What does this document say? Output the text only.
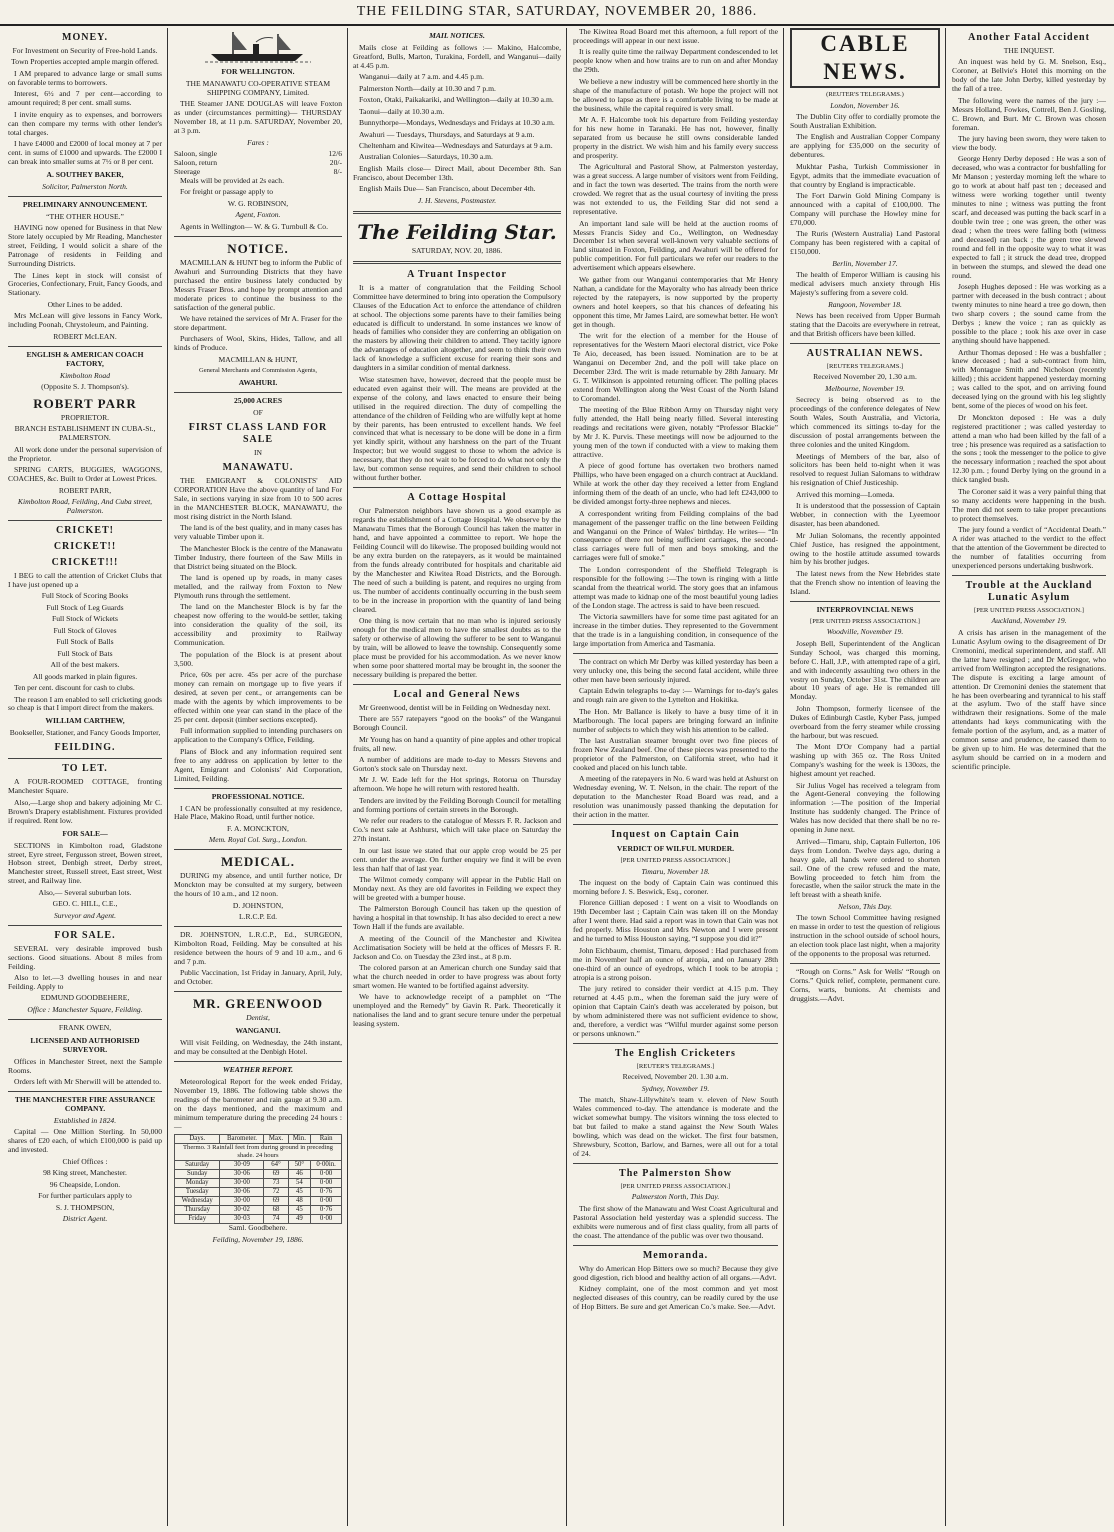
THE FEILDING STAR, SATURDAY, NOVEMBER 20, 1886.
MONEY.

For Investment on Security of Free-hold Lands.

Town Properties accepted ample margin offered.

I AM prepared to advance large or small sums on favorable terms to borrowers.

Interest, 6½ and 7 per cent—according to amount required; 8 per cent. small sums.

I invite enquiry as to expenses, and borrowers can then compare my terms with other lender's total charges.

I have £4000 and £2000 of local money at 7 per cent. in sums of £1000 and upwards. The £2000 I can break into smaller sums at 7½ or 8 per cent.

A. SOUTHEY BAKER,

Solicitor, Palmerston North.

PRELIMINARY ANNOUNCEMENT.

“THE OTHER HOUSE.”

HAVING now opened for Business in that New Store lately occupied by Mr Reading, Manchester street, Feilding, I would solicit a share of the Patronage of residents in Feilding and Surrounding Districts.

The Lines kept in stock will consist of Groceries, Confectionary, Fruit, Fancy Goods, and Stationary.

Other Lines to be added.

Mrs McLean will give lessons in Fancy Work, including Poonah, Chrystoleum, and Painting.

ROBERT McLEAN.

ENGLISH & AMERICAN COACH FACTORY,

Kimbolton Road

(Opposite S. J. Thompson's).

ROBERT PARR

PROPRIETOR.

BRANCH ESTABLISHMENT IN CUBA-St., PALMERSTON.

All work done under the personal supervision of the Proprietor.

SPRING CARTS, BUGGIES, WAGGONS, COACHES, &c. Built to Order at Lowest Prices.

ROBERT PARR,

Kimbolton Road, Feilding, And Cuba street, Palmerston.

CRICKET!
CRICKET!!
CRICKET!!!

I BEG to call the attention of Cricket Clubs that I have just opened up a

Full Stock of Scoring Books

Full Stock of Leg Guards

Full Stock of Wickets

Full Stock of Gloves

Full Stock of Balls

Full Stock of Bats

All of the best makers.

All goods marked in plain figures.

Ten per cent. discount for cash to clubs.

The reason I am enabled to sell cricketing goods so cheap is that I import direct from the makers.

WILLIAM CARTHEW,

Bookseller, Stationer, and Fancy Goods Importer,

FEILDING.
TO LET.

A FOUR-ROOMED COTTAGE, fronting Manchester Square.

Also,—Large shop and bakery adjoining Mr C. Brown's Drapery establishment. Fixtures provided if required. Rent low.

FOR SALE—

SECTIONS in Kimbolton road, Gladstone street, Eyre street, Fergusson street, Bowen street, Hobson street, Denbigh street, Derby street, Manchester street, Russell street, East street, West street, and Railway line.

Also,— Several suburban lots.

GEO. C. HILL, C.E.,

Surveyor and Agent.

FOR SALE.

SEVERAL very desirable improved bush sections. Good situations. About 8 miles from Feilding.

Also to let.—3 dwelling houses in and near Feilding. Apply to

EDMUND GOODBEHERE,

Office : Manchester Square, Feilding.

FRANK OWEN,

LICENSED AND AUTHORISED SURVEYOR.

Offices in Manchester Street, next the Sample Rooms.

Orders left with Mr Sherwill will be attended to.

THE MANCHESTER FIRE ASSURANCE COMPANY.

Established in 1824.

Capital — One Million Sterling. In 50,000 shares of £20 each, of which £100,000 is paid up and invested.

Chief Offices :

98 King street, Manchester.

96 Cheapside, London.

For further particulars apply to

S. J. THOMPSON,

District Agent.

FOR WELLINGTON.

THE MANAWATU CO-OPERATIVE STEAM SHIPPING COMPANY, Limited.

THE Steamer JANE DOUGLAS will leave Foxton as under (circumstances permitting)— THURSDAY November 18, at 11 p.m. SATURDAY, November 20, at 3 p.m.

Fares :

Saloon, single	12/6
Saloon, return	20/-
Steerage	8/-

Meals will be provided at 2s each.

For freight or passage apply to

W. G. ROBINSON,

Agent, Foxton.

Agents in Wellington— W. & G. Turnbull & Co.

NOTICE.

MACMILLAN & HUNT beg to inform the Public of Awahuri and Surrounding Districts that they have purchased the entire business lately conducted by Messrs Fraser Bros. and hope by prompt attention and moderate prices to continue the business to the satisfaction of the general public.

We have retained the services of Mr A. Fraser for the store department.

Purchasers of Wool, Skins, Hides, Tallow, and all kinds of Produce.

MACMILLAN & HUNT,

General Merchants and Commission Agents,

AWAHURI.
25,000 ACRES

OF

FIRST CLASS LAND FOR SALE

IN

MANAWATU.

THE EMIGRANT & COLONISTS' AID CORPORATION Have the above quantity of land For Sale, in sections varying in size from 10 to 500 acres in the MANCHESTER BLOCK, MANAWATU, the most rising district in the North Island.

The land is of the best quality, and in many cases has very valuable Timber upon it.

The Manchester Block is the centre of the Manawatu Timber Industry, there fourteen of the Saw Mills in that District being situated on the Block.

The land is opened up by roads, in many cases metalled, and the railway from Foxton to New Plymouth runs through the settlement.

The land on the Manchester Block is by far the cheapest now offering to the would-be settler, taking into consideration the quality of the soil, its accessibility and proximity to Railway Communication.

The population of the Block is at present about 3,500.

Price, 60s per acre. 45s per acre of the purchase money can remain on mortgage up to five years if desired, at seven per cent., or arrangements can be made with the agents by which improvements to be effected within one year can stand in the place of the 25 per cent. deposit (timber sections excepted).

Full information supplied to intending purchasers on application to the Company's Office, Feilding.

Plans of Block and any information required sent free to any address on application by letter to the Agent, Emigrant and Colonists' Aid Corporation, Limited, Feilding.

PROFESSIONAL NOTICE.

I CAN be professionally consulted at my residence, Hale Place, Makino Road, until further notice.

F. A. MONCKTON,

Mem. Royal Col. Surg., London.

MEDICAL.

DURING my absence, and until further notice, Dr Monckton may be consulted at my surgery, between the hours of 10 a.m., and 12 noon.

D. JOHNSTON,

L.R.C.P. Ed.

DR. JOHNSTON, L.R.C.P., Ed., SURGEON, Kimbolton Road, Feilding. May be consulted at his residence between the hours of 9 and 10 a.m., and 6 and 7 p.m.

Public Vaccination, 1st Friday in January, April, July, and October.

MR. GREENWOOD

Dentist,

WANGANUI.

Will visit Feilding, on Wednesday, the 24th instant, and may be consulted at the Denbigh Hotel.

WEATHER REPORT.

Meteorological Report for the week ended Friday, November 19, 1886. The following table shows the readings of the barometer and rain gauge at 9.30 a.m. on the days mentioned, and the maximum and minimum temperature during the preceding 24 hours :—

Days.	Barometer.	Max.	Min.	Rain
Thermo. 3 Rainfall feet from during ground in preceding shade. 24 hours				
Saturday	30·09	64°	50°	0·00in.
Sunday	30·06	69	46	0·00
Monday	30·00	73	54	0·00
Tuesday	30·06	72	45	0·76
Wednesday	30·00	69	48	0·00
Thursday	30·02	68	45	0·76
Friday	30·03	74	49	0·00

Saml. Goodbehere.

Feilding, November 19, 1886.

MAIL NOTICES.

Mails close at Feilding as follows :— Makino, Halcombe, Greatford, Bulls, Marton, Turakina, Fordell, and Wanganui—daily at 4.45 p.m.

Wanganui—daily at 7 a.m. and 4.45 p.m.

Palmerston North—daily at 10.30 and 7 p.m.

Foxton, Otaki, Paikakariki, and Wellington—daily at 10.30 a.m.

Taonui—daily at 10.30 a.m.

Bunnythorpe—Mondays, Wednesdays and Fridays at 10.30 a.m.

Awahuri — Tuesdays, Thursdays, and Saturdays at 9 a.m.

Cheltenham and Kiwitea—Wednesdays and Saturdays at 9 a.m.

Australian Colonies—Saturdays, 10.30 a.m.

English Mails close— Direct Mail, about December 8th. San Francisco, about December 13th.

English Mails Due— San Francisco, about December 4th.

J. H. Stevens, Postmaster.

The Feilding Star.

SATURDAY, NOV. 20, 1886.

A Truant Inspector

It is a matter of congratulation that the Feilding School Committee have determined to bring into operation the Compulsory Clauses of the Education Act to enforce the attendance of children at school. The objections some parents have to their families being educated is difficult to understand. In some instances we know of heads of families who consider they are conferring an obligation on the masters by allowing their children to attend. They tacitly ignore the advantages of education altogether, and seem to think their own lack of knowledge a sufficient excuse for rearing their sons and daughters in a similar condition of mental darkness.

Wise statesmen have, however, decreed that the people must be educated even against their will. The means are provided at the expense of the colony, and laws enacted to ensure their being utilised in the required direction. The duty of compelling the attendance of the children of Feilding who are wilfully kept at home by their parents, has been entrusted to excellent hands. We feel convinced that what is necessary to be done will be done in a firm yet kindly spirit, without any harshness on the part of the Truant Inspector; but we would suggest to those to whom the advice is necessary, that they do not wait to be forced to do what not only the law, but common sense requires, and send their children to school without further bother.

A Cottage Hospital

Our Palmerston neighbors have shown us a good example as regards the establishment of a Cottage Hospital. We observe by the Manawatu Times that the Borough Council has taken the matter in hand, and have appointed a committee to report. We hope the Feilding Council will do likewise. The proposed building would not be any extra burden on the ratepayers, as it would be maintained from the funds already contributed for hospitals and charitable aid by the Manchester and Kiwitea Road Districts, and the Borough. The need of such a building is patent, and requires no urging from us. The number of accidents continually occurring in the bush seem to be in the increase in proportion with the quantity of land being cleared.

One thing is now certain that no man who is injured seriously enough for the medical men to have the smallest doubts as to the safety or otherwise of allowing the sufferer to be sent to Wanganui by train, will be allowed to leave the township. Consequently some place must be provided for his accommodation. As we never know when some poor shattered mortal may be brought in, the sooner the necessary building is prepared the better.

Local and General News

Mr Greenwood, dentist will be in Feilding on Wednesday next.

There are 557 ratepayers “good on the books” of the Wanganui Borough Council.

Mr Young has on hand a quantity of pine apples and other tropical fruits, all new.

A number of additions are made to-day to Messrs Stevens and Gorton's stock sale on Thursday next.

Mr J. W. Eade left for the Hot springs, Rotorua on Thursday afternoon. We hope he will return with restored health.

Tenders are invited by the Feilding Borough Council for metalling and forming portions of certain streets in the Borough.

We refer our readers to the catalogue of Messrs F. R. Jackson and Co.'s next sale at Ashhurst, which will take place on Saturday the 27th instant.

In our last issue we stated that our apple crop would be 25 per cent. under the average. On further enquiry we find it will be even less than half that of last year.

The Wilmot comedy company will appear in the Public Hall on Monday next. As they are old favorites in Feilding we expect they will be greeted with a bumper house.

The Palmerston Borough Council has taken up the question of having a hospital in that township. It has also decided to erect a new Town Hall if the funds are available.

A meeting of the Council of the Manchester and Kiwitea Acclimatisation Society will be held at the offices of Messrs F. R. Jackson and Co. on Tuesday the 23rd inst., at 8 p.m.

The colored parson at an American church one Sunday said that what the church needed in order to have progress was about forty smart women. He wanted to be fortified against adversity.

We have to acknowledge receipt of a pamphlet on “The unemployed and the Remedy” by Gavin R. Park. Theoretically it nationalises the land and to grant secure tenure under the perpetual leasing system.

The Kiwitea Road Board met this afternoon, a full report of the proceedings will appear in our next issue.

It is really quite time the railway Department condescended to let people know when and how trains are to run on and after Monday the 29th.

We believe a new industry will be commenced here shortly in the shape of the manufacture of potash. We hope the project will not be allowed to lapse as there is a comfortable living to be made at the business, while the capital required is very small.

Mr A. F. Halcombe took his departure from Feilding yesterday for his new home in Taranaki. He has not, however, finally separated from us because he still owns considerable landed property in the district. We wish him and his family every success and prosperity.

The Agricultural and Pastoral Show, at Palmerston yesterday, was a great success. A large number of visitors went from Feilding, and in fact the town was deserted. The trains from the north were crowded. We regret that as the usual courtesy of inviting the press was not extended to us, the Feilding Star did not send a representative.

An important land sale will be held at the auction rooms of Messrs Francis Sidey and Co., Wellington, on Wednesday December 1st when several well-known very valuable sections of land situated in Foxton, Feilding, and Awahuri will be offered for public competition. For full particulars we refer our readers to the advertisement which appears elsewhere.

We gather from our Wanganui contemporaries that Mr Henry Nathan, a candidate for the Mayoralty who has already been thrice rejected by the ratepayers, is now supported by the property owners and hotel keepers, so that his chances of defeating his opponent this time, Mr James Laird, are somewhat better. He won't get in though.

The writ for the election of a member for the House of representatives for the Western Maori electoral district, vice Poke Te Aio, deceased, has been issued. Nomination are to be at Wanganui on December 2nd, and the poll will take place on December 23rd. The writ is made returnable by 28th January. Mr G. T. Wilkinson is appointed returning officer. The polling places extend from Wellington along the West Coast of the North Island to Coromandel.

The meeting of the Blue Ribbon Army on Thursday night very fully attended, the Hall being nearly filled. Several interesting readings and recitations were given, notably “Professor Blackie” by Mr J. K. Purvis. These meetings will now be adjourned to the young men of the town if conducted with a view to making them attractive.

A piece of good fortune has overtaken two brothers named Phillips, who have been engaged on a church contract at Auckland. While at work the other day they received a letter from England informing them of the death of an uncle, who had left £243,000 to be divided amongst forty-three nephews and nieces.

A correspondent writing from Feilding complains of the bad management of the passenger traffic on the line between Feilding and Wanganui on the Prince of Wales' birthday. He writes— “In consequence of there not being sufficient carriages, the second-class carriages were full of men and boys smoking, and the carriages were full of smoke.”

The London correspondent of the Sheffield Telegraph is responsible for the following :—The town is ringing with a little scandal from the theatrical world. The story goes that an infamous attempt was made to kidnap one of the most beautiful young ladies of the London stage. The actress is said to have been rescued.

The Victoria sawmillers have for some time past agitated for an increase in the timber duties. They represented to the Government that the trade is in a languishing condition, in consequence of the large importation from America and Tasmania.

The contract on which Mr Derby was killed yesterday has been a very unlucky one, this being the second fatal accident, while three other men have been seriously injured.

Captain Edwin telegraphs to-day :— Warnings for to-day's gales and rough rain are given to the Lyttelton and Hokitika.

The Hon. Mr Ballance is likely to have a busy time of it in Marlborough. The local papers are bringing forward an infinite number of subjects to which they wish his attention to be called.

The last Australian steamer brought over two fine pieces of frozen New Zealand beef. One of these pieces was presented to the proprietor of the Palmerston, on California street, who had it cooked and placed on his lunch table.

A meeting of the ratepayers in No. 6 ward was held at Ashurst on Wednesday evening, W. T. Nelson, in the chair. The report of the deputation to the Manchester Road Board was read, and a resolution was unanimously passed thanking the deputation for their action in the matter.

Inquest on Captain Cain
VERDICT OF WILFUL MURDER.

[PER UNITED PRESS ASSOCIATION.]

Timaru, November 18.

The inquest on the body of Captain Cain was continued this morning before J. S. Beswick, Esq., coroner.

Florence Gillian deposed : I went on a visit to Woodlands on 19th December last ; Captain Cain was taken ill on the Monday after I went there. Had said a report was in town that Cain was not fed properly. Miss Houston and Mrs Newton and I were present and he turned to Miss Houston saying, “I suppose you did it?”

John Eichbaum, chemist, Timaru, deposed : Had purchased from me in November half an ounce of atropia, and on January 28th one-third of an ounce of eyedrops, which I took to be atropia ; atropia is a strong poison.

The jury retired to consider their verdict at 4.15 p.m. They returned at 4.45 p.m., when the foreman said the jury were of opinion that Captain Cain's death was accelerated by poison, but by whom administered there was not sufficient evidence to show, and, therefore, a verdict was “Wilful murder against some person or persons unknown.”

The English Cricketers

[REUTER'S TELEGRAMS.]

Received, November 20. 1.30 a.m.

Sydney, November 19.

The match, Shaw-Lillywhite's team v. eleven of New South Wales commenced to-day. The attendance is moderate and the wicket somewhat bumpy. The visitors winning the toss elected to bat but failed to make a stand against the New South Wales bowling, which was dead on the wicket. The first four batsmen, Shrewsbury, Scotton, Barlow, and Barnes, were all out for a total of 24.

The Palmerston Show

[PER UNITED PRESS ASSOCIATION.]

Palmerston North, This Day.

The first show of the Manawatu and West Coast Agricultural and Pastoral Association held yesterday was a splendid success. The exhibits were numerous and of first class quality, from all parts of the coast. The attendance of the public was over two thousand.

Memoranda.

Why do American Hop Bitters owe so much? Because they give good digestion, rich blood and healthy action of all organs.—Advt.

Kidney complaint, one of the most common and yet most neglected diseases of this country, can be readily cured by the use of Hop Bitters. Be sure and get American Co.'s make. See.—Advt.

CABLE NEWS.

(REUTER'S TELEGRAMS.)

London, November 16.

The Dublin City offer to cordially promote the South Australian Exhibition.

The English and Australian Copper Company are applying for £35,000 on the security of debentures.

Mukhtar Pasha, Turkish Commissioner in Egypt, admits that the immediate evacuation of that country by England is impracticable.

The Fort Darwin Gold Mining Company is announced with a capital of £100,000. The Company will purchase the Howley mine for £70,000.

The Ruris (Western Australia) Land Pastoral Company has been registered with a capital of £150,000.

Berlin, November 17.

The health of Emperor William is causing his medical advisers much anxiety through His Majesty's suffering from a severe cold.

Rangoon, November 18.

News has been received from Upper Burmah stating that the Dacoits are everywhere in retreat, and that British officers have been killed.

AUSTRALIAN NEWS.

[REUTERS TELEGRAMS.]

Received November 20, 1.30 a.m.

Melbourne, November 19.

Secrecy is being observed as to the proceedings of the conference delegates of New South Wales, South Australia, and Victoria, which commenced its sittings to-day for the discussion of postal arrangements between the three colonies and the united Kingdom.

Meetings of Members of the bar, also of solicitors has been held to-night when it was resolved to request Julian Salomans to withdraw his resignation of Chief Justiceship.

Arrived this morning—Lomeda.

It is understood that the possession of Captain Webber, in connection with the Lyeemoor disaster, has been abandoned.

Mr Julian Solomans, the recently appointed Chief Justice, has resigned the appointment, owing to the hostile attitude assumed towards him by his brother judges.

The latest news from the New Hebrides state that the French show no intention of leaving the Island.

INTERPROVINCIAL NEWS

[PER UNITED PRESS ASSOCIATION.]

Woodville, November 19.

Joseph Bell, Superintendent of the Anglican Sunday School, was charged this morning, before C. Hall, J.P., with attempted rape of a girl, and with indecently assaulting two others in the vestry on Sunday, October 31st. The children are about 10 years of age. He is remanded till Monday.

John Thompson, formerly licensee of the Dukes of Edinburgh Castle, Kyber Pass, jumped overboard from the ferry steamer while crossing the harbour, but was rescued.

The Mont D'Or Company had a partial washing up with 365 oz. The Ross United Company's washing for the week is 130ozs, the highest amount yet reached.

Sir Julius Vogel has received a telegram from the Agent-General conveying the following information :—The position of the Imperial Institute has suddenly changed. The Prince of Wales has now decided that there shall be no re-opening in June next.

Arrived—Timaru, ship, Captain Fullerton, 106 days from London. Twelve days ago, during a heavy gale, all hands were ordered to shorten sail. One of the crew refused and the mate, Bowling proceeded to fetch him from the forecastle, when the sailor struck the mate in the left breast with a sheath knife.

Nelson, This Day.

The town School Committee having resigned en masse in order to test the question of religious instruction in the school outside of school hours, an election took place last night, when a majority of the opponents to the proposal was returned.

“Rough on Corns.” Ask for Wells' “Rough on Corns.” Quick relief, complete, permanent cure. Corns, warts, bunions. At chemists and druggists.—Advt.

Another Fatal Accident

THE INQUEST.

An inquest was held by G. M. Snelson, Esq., Coroner, at Bellvie's Hotel this morning on the body of the late John Derby, killed yesterday by the fall of a tree.

The following were the names of the jury :—Messrs Holland, Fowkes, Cottrell, Ben J. Gosling, C. Brown, and Burt. Mr C. Brown was chosen foreman.

The jury having been sworn, they were taken to view the body.

George Henry Derby deposed : He was a son of deceased, who was a contractor for bushfalling for Mr Manson ; yesterday morning left the whare to go to work at about half past ten ; deceased and witness were working together until twenty minutes to nine ; witness was putting the front scarf, and deceased was putting the back scarf in a double twin tree ; one was green, the other was dead ; when the trees were falling both (witness and deceased) ran back ; the green tree slewed round and fell in the opposite way to what it was expected to fall ; it struck the dead tree, dropped in between the stumps, and slewed the dead one round.

Joseph Hughes deposed : He was working as a partner with deceased in the bush contract ; about twenty minutes to nine heard a tree go down, then two sharp covers ; the sound came from the Derbys ; knew the voice ; ran as quickly as possible to the place ; took his axe over in case anything should have happened.

Arthur Thomas deposed : He was a bushfaller ; knew deceased ; had a sub-contract from him, with Montague Smith and Nicholson (recently killed) ; this accident happened yesterday morning ; was called to the spot, and on arriving found deceased lying on the ground with his leg slightly bent, some of the pieces of wood on his feet.

Dr Monckton deposed : He was a duly registered practitioner ; was called yesterday to attend a man who had been killed by the fall of a tree ; his presence was required as a satisfaction to the sons ; took the messenger to the police to give the necessary information ; reached the spot about 12.30 p.m. ; found Derby lying on the ground in a thick tangled bush.

The Coroner said it was a very painful thing that so many accidents were happening in the bush. The men did not seem to take proper precautions to protect themselves.

The jury found a verdict of “Accidental Death.” A rider was attached to the verdict to the effect that the attention of the Government be directed to the number of fatalities occurring from unexperienced persons undertaking bushwork.

Trouble at the Auckland Lunatic Asylum

[PER UNITED PRESS ASSOCIATION.]

Auckland, November 19.

A crisis has arisen in the management of the Lunatic Asylum owing to the disagreement of Dr Cremonini, medical superintendent, and staff. All the latter have resigned ; and Dr McGregor, who arrived from Wellington accepted the resignations. The dispute is exciting a large amount of attention. Dr Cremonini denies the statement that he has been overbearing and tyrannical to his staff at the asylum. Two of the staff have since withdrawn their resignations. Some of the male attendants had keys communicating with the female portion of the asylum, and, as a matter of common sense and prudence, he caused them to be given up to him. He was determined that the asylum should be carried on in a modern and scientific principle.
